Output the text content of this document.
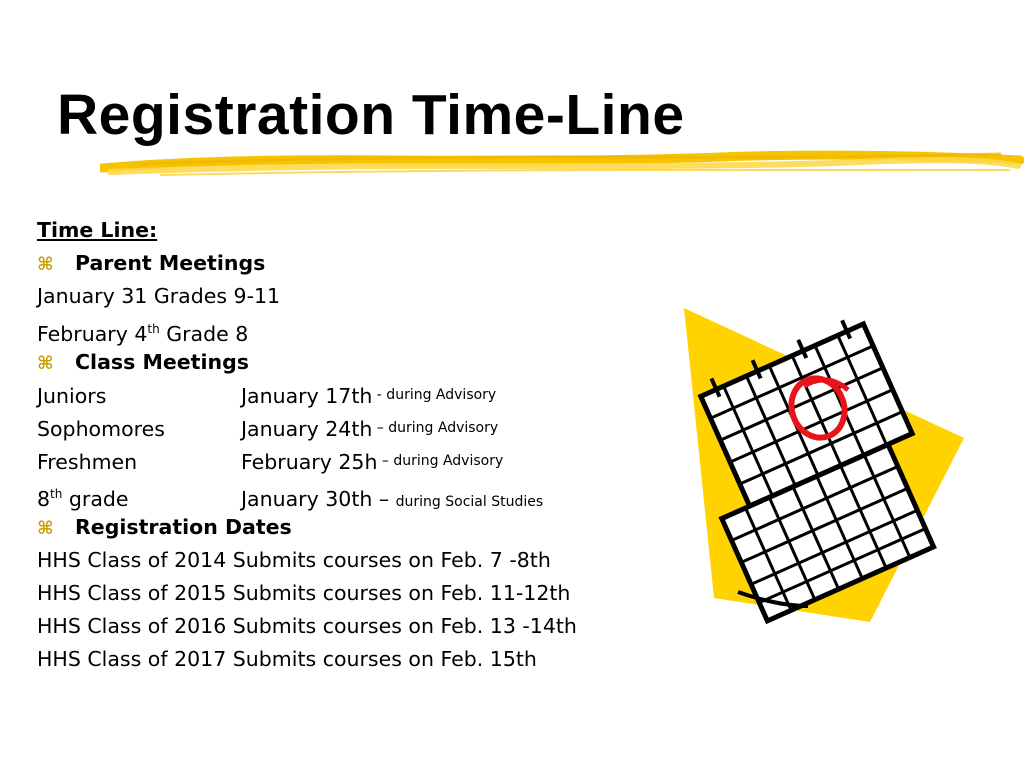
Registration Time-Line
Time Line:
⌘ Parent Meetings
January 31 Grades 9-11
February 4th Grade 8
⌘ Class Meetings
Juniors	January 17th - during Advisory
Sophomores	January 24th – during Advisory
Freshmen	February 25h – during Advisory
8th grade	January 30th – during Social Studies
⌘ Registration Dates
HHS Class of 2014 Submits courses on Feb. 7 -8th
HHS Class of 2015 Submits courses on Feb. 11-12th
HHS Class of 2016 Submits courses on Feb. 13 -14th
HHS Class of 2017 Submits courses on Feb. 15th
